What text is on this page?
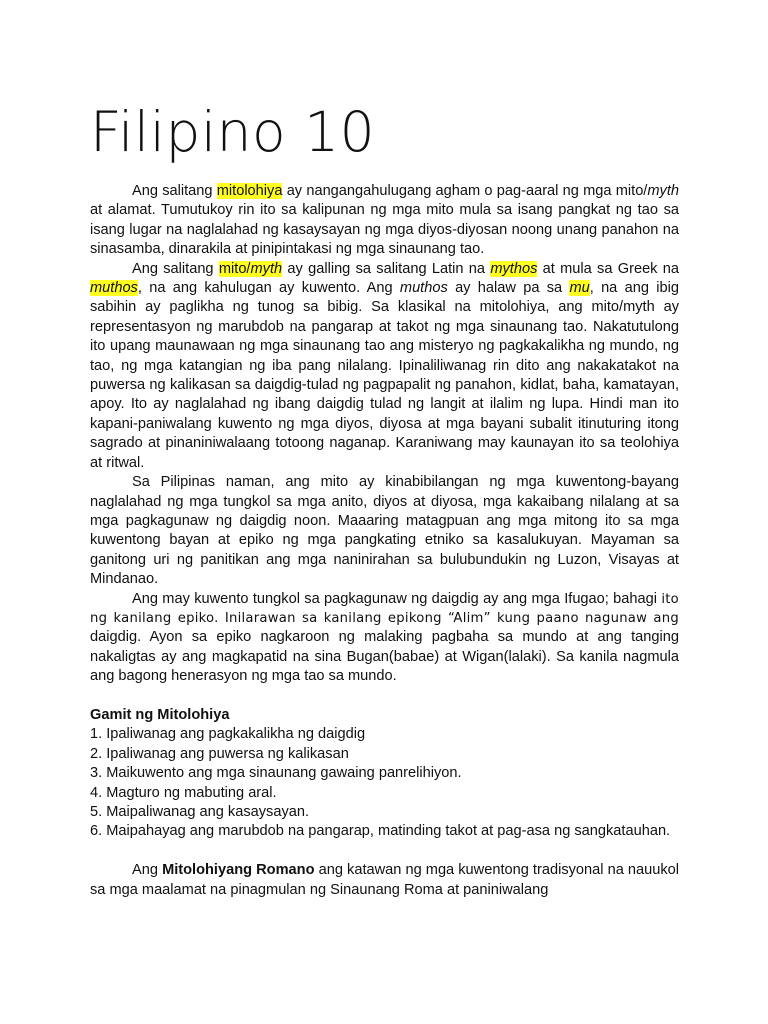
Filipino 10

Ang salitang mitolohiya ay nangangahulugang agham o pag-aaral ng mga mito/myth at alamat. Tumutukoy rin ito sa kalipunan ng mga mito mula sa isang pangkat ng tao sa isang lugar na naglalahad ng kasaysayan ng mga diyos-diyosan noong unang panahon na sinasamba, dinarakila at pinipintakasi ng mga sinaunang tao.

Ang salitang mito/myth ay galling sa salitang Latin na mythos at mula sa Greek na muthos, na ang kahulugan ay kuwento. Ang muthos ay halaw pa sa mu, na ang ibig sabihin ay paglikha ng tunog sa bibig. Sa klasikal na mitolohiya, ang mito/myth ay representasyon ng marubdob na pangarap at takot ng mga sinaunang tao. Nakatutulong ito upang maunawaan ng mga sinaunang tao ang misteryo ng pagkakalikha ng mundo, ng tao, ng mga katangian ng iba pang nilalang. Ipinaliliwanag rin dito ang nakakatakot na puwersa ng kalikasan sa daigdig-tulad ng pagpapalit ng panahon, kidlat, baha, kamatayan, apoy. Ito ay naglalahad ng ibang daigdig tulad ng langit at ilalim ng lupa. Hindi man ito kapani-paniwalang kuwento ng mga diyos, diyosa at mga bayani subalit itinuturing itong sagrado at pinaniniwalaang totoong naganap. Karaniwang may kaunayan ito sa teolohiya at ritwal.

Sa Pilipinas naman, ang mito ay kinabibilangan ng mga kuwentong-bayang naglalahad ng mga tungkol sa mga anito, diyos at diyosa, mga kakaibang nilalang at sa mga pagkagunaw ng daigdig noon. Maaaring matagpuan ang mga mitong ito sa mga kuwentong bayan at epiko ng mga pangkating etniko sa kasalukuyan. Mayaman sa ganitong uri ng panitikan ang mga naninirahan sa bulubundukin ng Luzon, Visayas at Mindanao.

Ang may kuwento tungkol sa pagkagunaw ng daigdig ay ang mga Ifugao; bahagi ito ng kanilang epiko. Inilarawan sa kanilang epikong “Alim” kung paano nagunaw ang daigdig. Ayon sa epiko nagkaroon ng malaking pagbaha sa mundo at ang tanging nakaligtas ay ang magkapatid na sina Bugan(babae) at Wigan(lalaki). Sa kanila nagmula ang bagong henerasyon ng mga tao sa mundo.

Gamit ng Mitolohiya

1. Ipaliwanag ang pagkakalikha ng daigdig
2. Ipaliwanag ang puwersa ng kalikasan
3. Maikuwento ang mga sinaunang gawaing panrelihiyon.
4. Magturo ng mabuting aral.
5. Maipaliwanag ang kasaysayan.
6. Maipahayag ang marubdob na pangarap, matinding takot at pag-asa ng sangkatauhan.

Ang Mitolohiyang Romano ang katawan ng mga kuwentong tradisyonal na nauukol sa mga maalamat na pinagmulan ng Sinaunang Roma at paniniwalang
